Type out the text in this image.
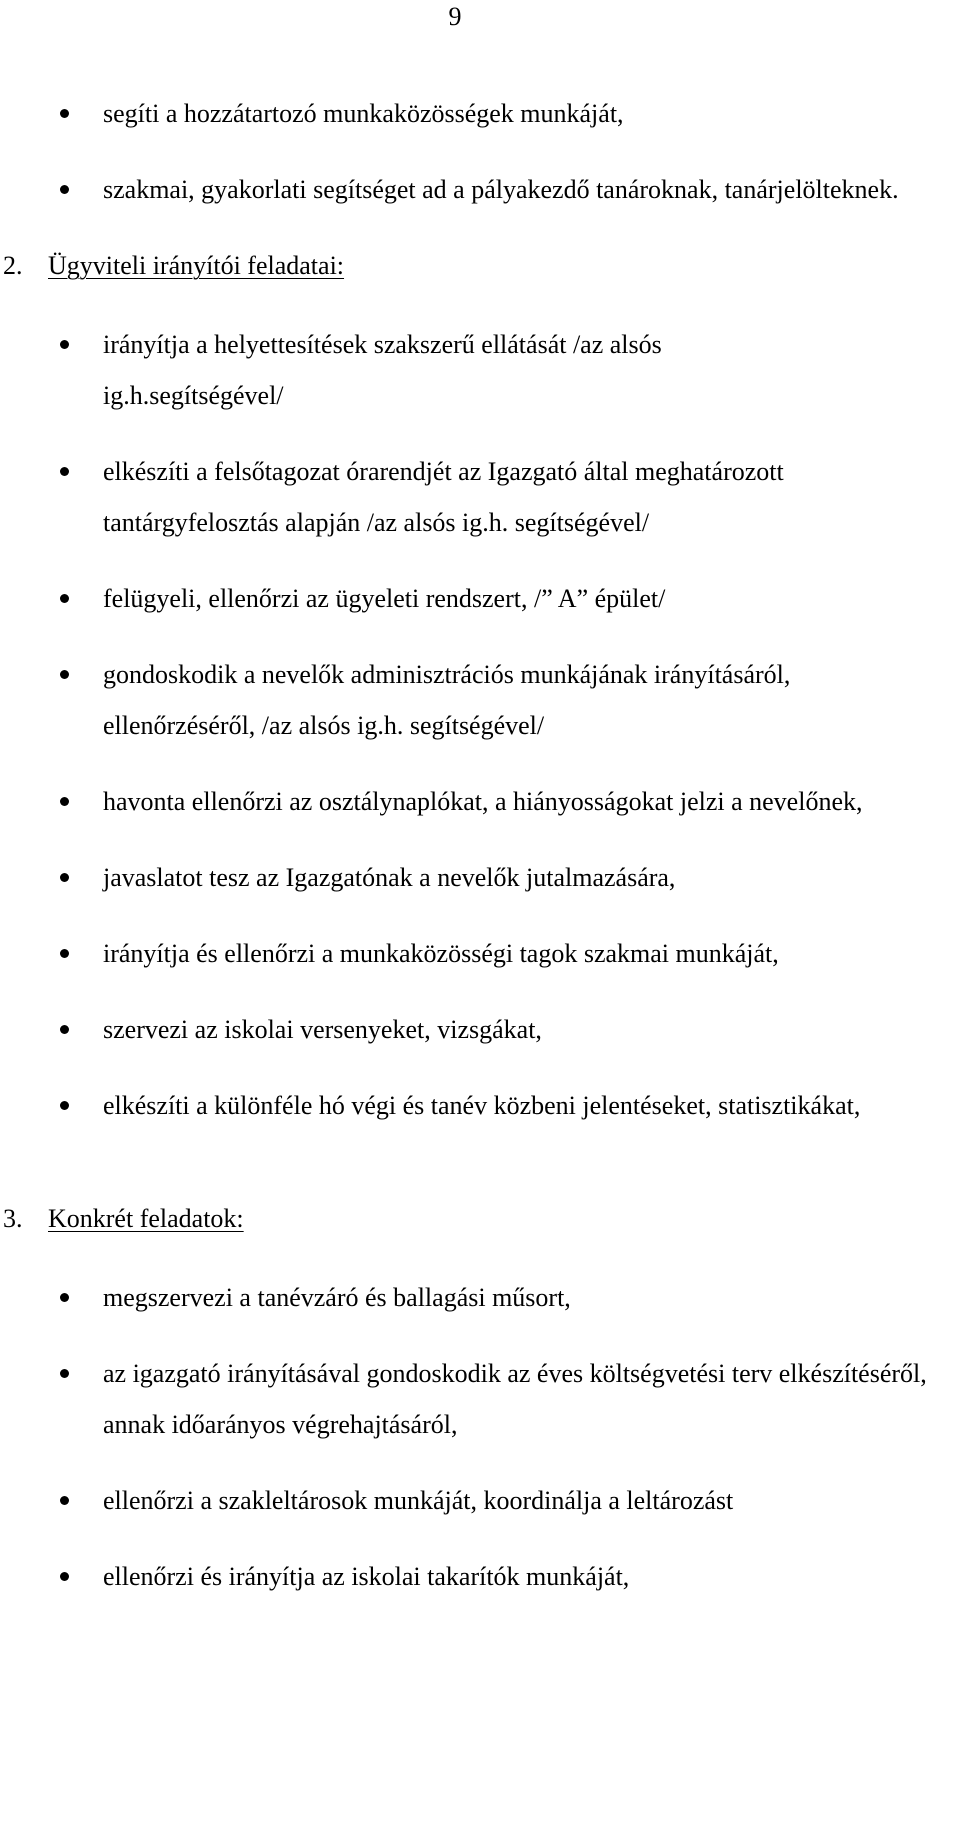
9
segíti a hozzátartozó munkaközösségek munkáját,
szakmai, gyakorlati segítséget ad a pályakezdő tanároknak, tanárjelölteknek.
2. Ügyviteli irányítói feladatai:
irányítja a helyettesítések szakszerű ellátását /az alsós ig.h.segítségével/
elkészíti a felsőtagozat órarendjét az Igazgató által meghatározott tantárgyfelosztás alapján /az alsós ig.h. segítségével/
felügyeli, ellenőrzi az ügyeleti rendszert, /” A” épület/
gondoskodik a nevelők adminisztrációs munkájának irányításáról, ellenőrzéséről, /az alsós ig.h. segítségével/
havonta ellenőrzi az osztálynaplókat, a hiányosságokat jelzi a nevelőnek,
javaslatot tesz az Igazgatónak a nevelők jutalmazására,
irányítja és ellenőrzi a munkaközösségi tagok szakmai munkáját,
szervezi az iskolai versenyeket, vizsgákat,
elkészíti a különféle hó végi és tanév közbeni jelentéseket, statisztikákat,
3. Konkrét feladatok:
megszervezi a tanévzáró és ballagási műsort,
az igazgató irányításával gondoskodik az éves költségvetési terv elkészítéséről, annak időarányos végrehajtásáról,
ellenőrzi a szakleltárosok munkáját, koordinálja a leltározást
ellenőrzi és irányítja az iskolai takarítók munkáját,
